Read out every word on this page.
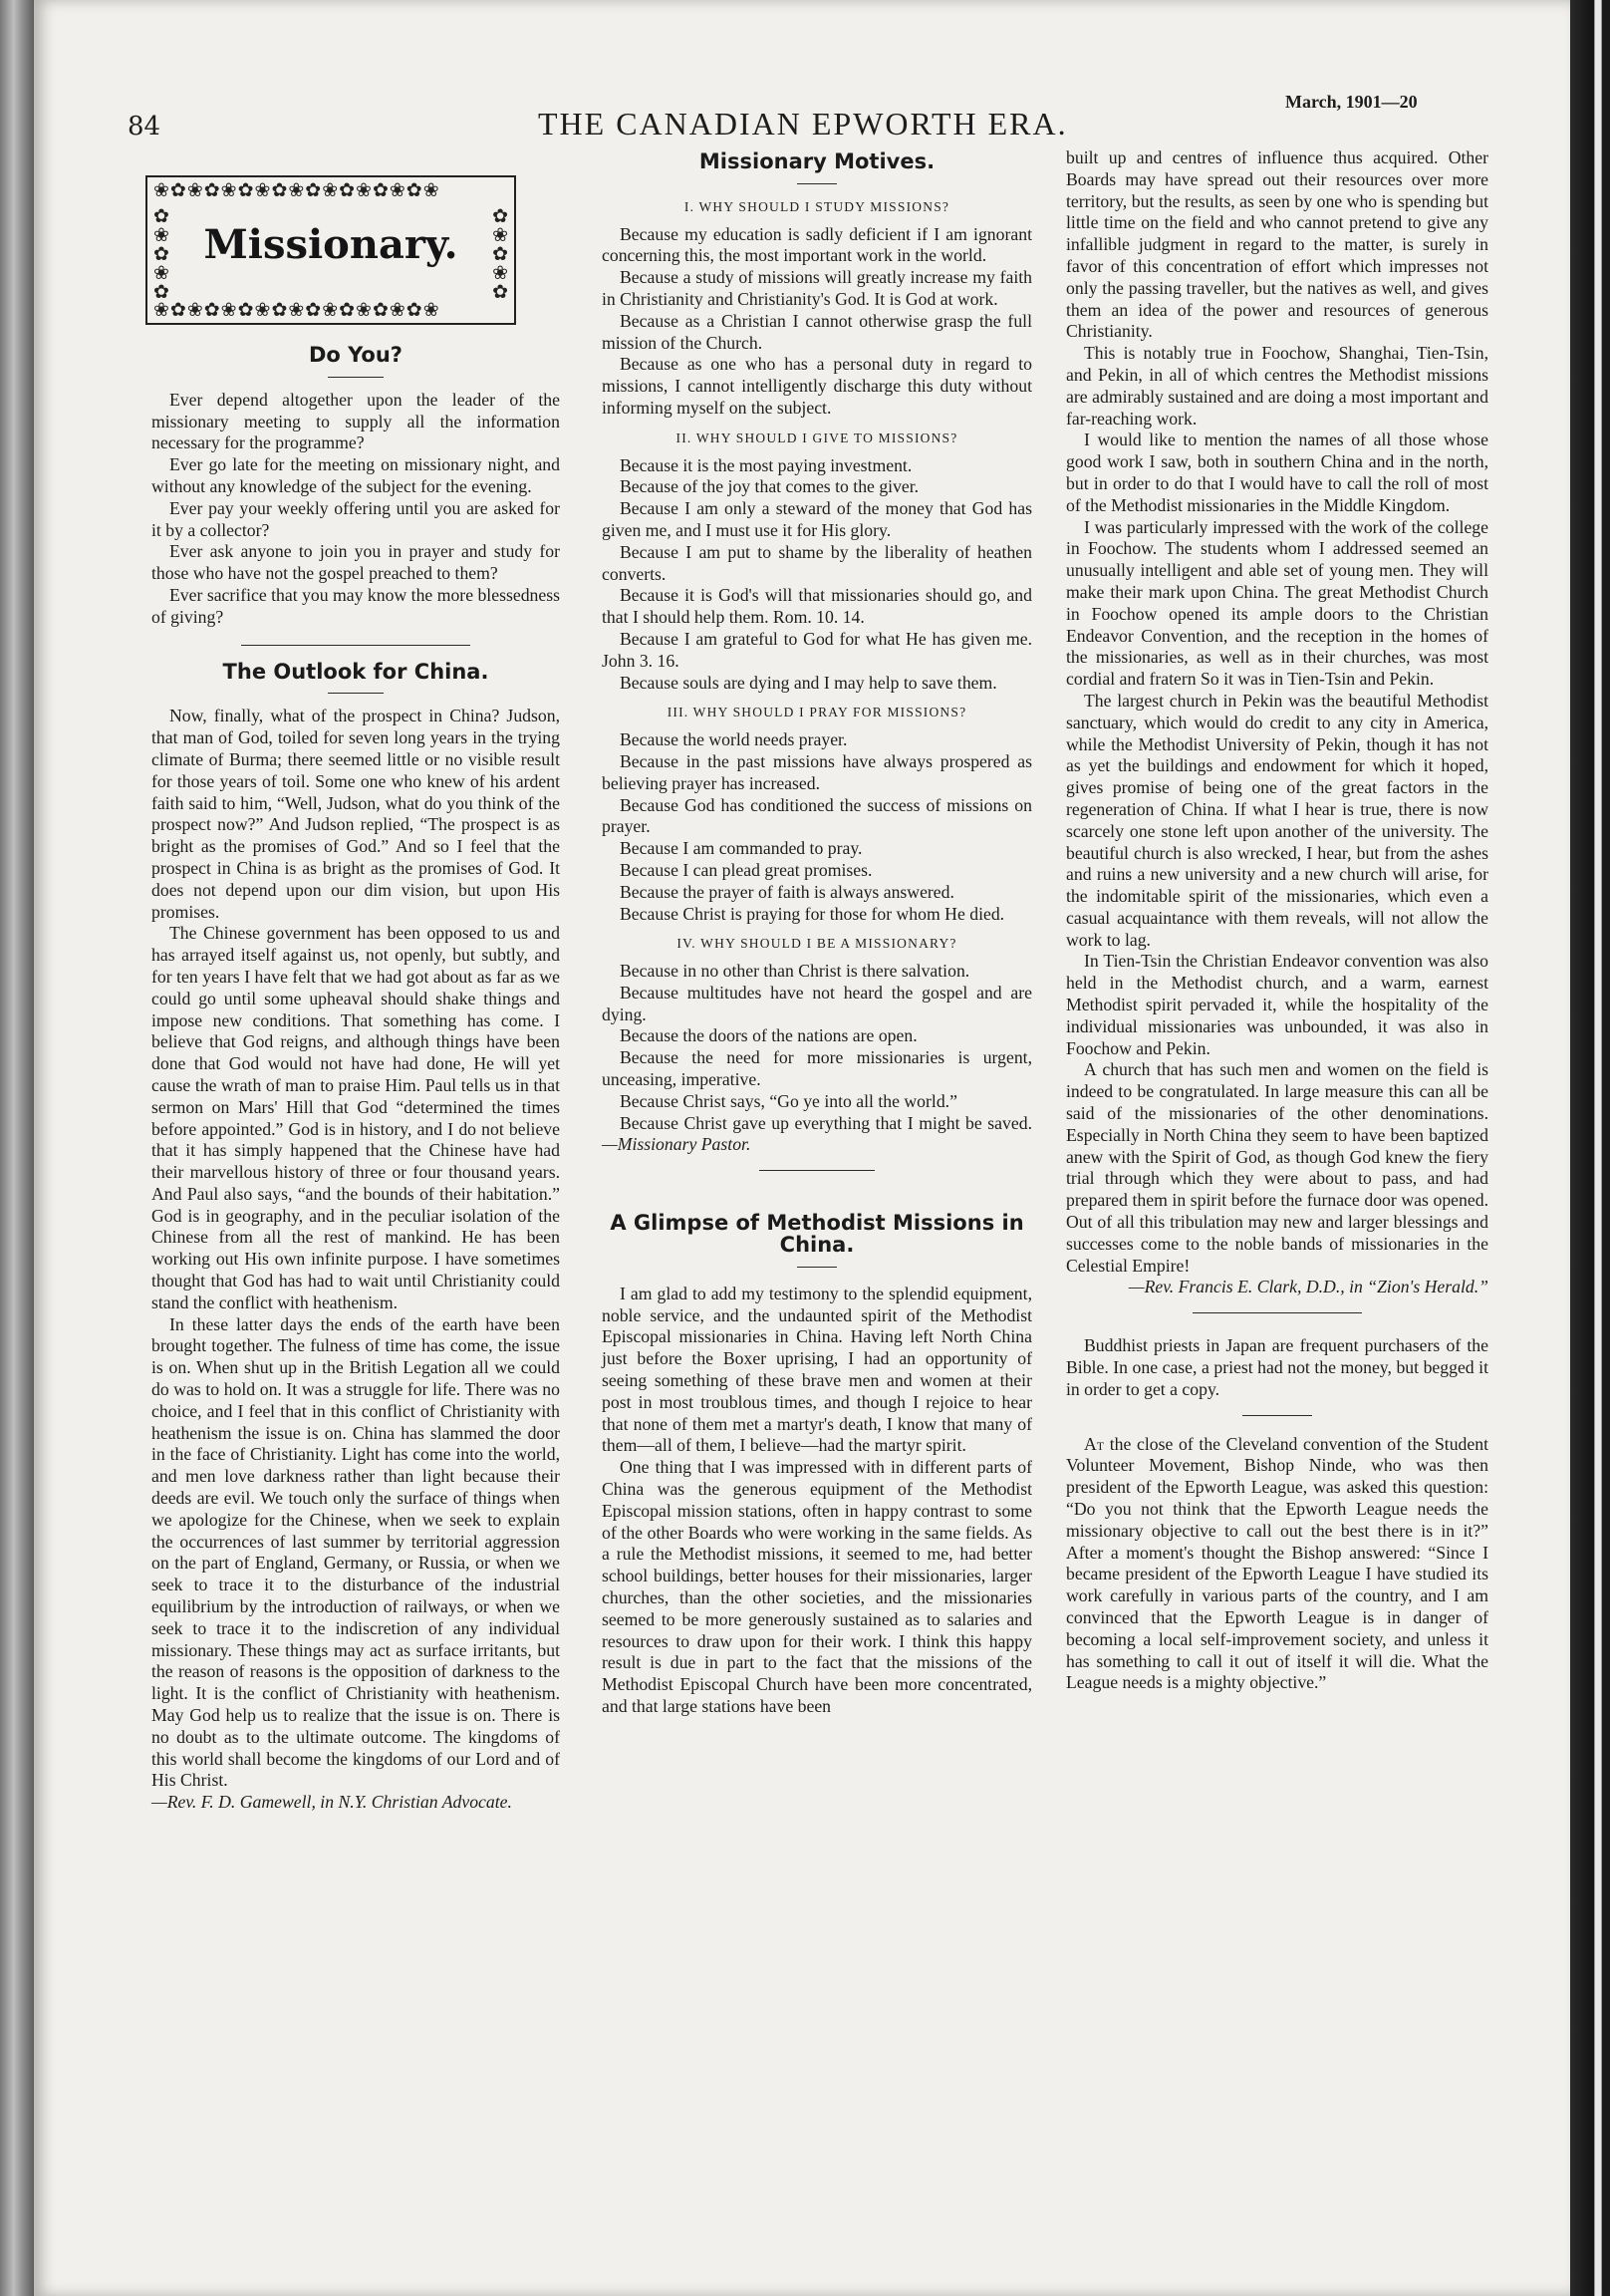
84	THE CANADIAN EPWORTH ERA.
March, 1901—20
❀✿❀✿❀✿❀✿❀✿❀✿❀✿❀✿❀
❀✿❀✿❀✿❀✿❀✿❀✿❀✿❀✿❀
✿
❀
✿
❀
✿
✿
❀
✿
❀
✿
Missionary.
Do You?

Ever depend altogether upon the leader of the missionary meeting to supply all the information necessary for the programme?

Ever go late for the meeting on missionary night, and without any knowledge of the subject for the evening.

Ever pay your weekly offering until you are asked for it by a collector?

Ever ask anyone to join you in prayer and study for those who have not the gospel preached to them?

Ever sacrifice that you may know the more blessedness of giving?

The Outlook for China.

Now, finally, what of the prospect in China? Judson, that man of God, toiled for seven long years in the trying climate of Burma; there seemed little or no visible result for those years of toil. Some one who knew of his ardent faith said to him, “Well, Judson, what do you think of the prospect now?” And Judson replied, “The prospect is as bright as the promises of God.” And so I feel that the prospect in China is as bright as the promises of God. It does not depend upon our dim vision, but upon His promises.

The Chinese government has been opposed to us and has arrayed itself against us, not openly, but subtly, and for ten years I have felt that we had got about as far as we could go until some upheaval should shake things and impose new conditions. That something has come. I believe that God reigns, and although things have been done that God would not have had done, He will yet cause the wrath of man to praise Him. Paul tells us in that sermon on Mars' Hill that God “determined the times before appointed.” God is in history, and I do not believe that it has simply happened that the Chinese have had their marvellous history of three or four thousand years. And Paul also says, “and the bounds of their habitation.” God is in geography, and in the peculiar isolation of the Chinese from all the rest of mankind. He has been working out His own infinite purpose. I have sometimes thought that God has had to wait until Christianity could stand the conflict with heathenism.

In these latter days the ends of the earth have been brought together. The fulness of time has come, the issue is on. When shut up in the British Legation all we could do was to hold on. It was a struggle for life. There was no choice, and I feel that in this conflict of Christianity with heathenism the issue is on. China has slammed the door in the face of Christianity. Light has come into the world, and men love darkness rather than light because their deeds are evil. We touch only the surface of things when we apologize for the Chinese, when we seek to explain the occurrences of last summer by territorial aggression on the part of England, Germany, or Russia, or when we seek to trace it to the disturbance of the industrial equilibrium by the introduction of railways, or when we seek to trace it to the indiscretion of any individual missionary. These things may act as surface irritants, but the reason of reasons is the opposition of darkness to the light. It is the conflict of Christianity with heathenism. May God help us to realize that the issue is on. There is no doubt as to the ultimate outcome. The kingdoms of this world shall become the kingdoms of our Lord and of His Christ.

—Rev. F. D. Gamewell, in N.Y. Christian Advocate.

Missionary Motives.

I. WHY SHOULD I STUDY MISSIONS?

Because my education is sadly deficient if I am ignorant concerning this, the most important work in the world.

Because a study of missions will greatly increase my faith in Christianity and Christianity's God. It is God at work.

Because as a Christian I cannot otherwise grasp the full mission of the Church.

Because as one who has a personal duty in regard to missions, I cannot intelligently discharge this duty without informing myself on the subject.

II. WHY SHOULD I GIVE TO MISSIONS?

Because it is the most paying investment.

Because of the joy that comes to the giver.

Because I am only a steward of the money that God has given me, and I must use it for His glory.

Because I am put to shame by the liberality of heathen converts.

Because it is God's will that missionaries should go, and that I should help them. Rom. 10. 14.

Because I am grateful to God for what He has given me. John 3. 16.

Because souls are dying and I may help to save them.

III. WHY SHOULD I PRAY FOR MISSIONS?

Because the world needs prayer.

Because in the past missions have always prospered as believing prayer has increased.

Because God has conditioned the success of missions on prayer.

Because I am commanded to pray.

Because I can plead great promises.

Because the prayer of faith is always answered.

Because Christ is praying for those for whom He died.

IV. WHY SHOULD I BE A MISSIONARY?

Because in no other than Christ is there salvation.

Because multitudes have not heard the gospel and are dying.

Because the doors of the nations are open.

Because the need for more missionaries is urgent, unceasing, imperative.

Because Christ says, “Go ye into all the world.”

Because Christ gave up everything that I might be saved.—Missionary Pastor.

A Glimpse of Methodist Missions in
China.

I am glad to add my testimony to the splendid equipment, noble service, and the undaunted spirit of the Methodist Episcopal missionaries in China. Having left North China just before the Boxer uprising, I had an opportunity of seeing something of these brave men and women at their post in most troublous times, and though I rejoice to hear that none of them met a martyr's death, I know that many of them—all of them, I believe—had the martyr spirit.

One thing that I was impressed with in different parts of China was the generous equipment of the Methodist Episcopal mission stations, often in happy contrast to some of the other Boards who were working in the same fields. As a rule the Methodist missions, it seemed to me, had better school buildings, better houses for their missionaries, larger churches, than the other societies, and the missionaries seemed to be more generously sustained as to salaries and resources to draw upon for their work. I think this happy result is due in part to the fact that the missions of the Methodist Episcopal Church have been more concentrated, and that large stations have been

built up and centres of influence thus acquired. Other Boards may have spread out their resources over more territory, but the results, as seen by one who is spending but little time on the field and who cannot pretend to give any infallible judgment in regard to the matter, is surely in favor of this concentration of effort which impresses not only the passing traveller, but the natives as well, and gives them an idea of the power and resources of generous Christianity.

This is notably true in Foochow, Shanghai, Tien-Tsin, and Pekin, in all of which centres the Methodist missions are admirably sustained and are doing a most important and far-reaching work.

I would like to mention the names of all those whose good work I saw, both in southern China and in the north, but in order to do that I would have to call the roll of most of the Methodist missionaries in the Middle Kingdom.

I was particularly impressed with the work of the college in Foochow. The students whom I addressed seemed an unusually intelligent and able set of young men. They will make their mark upon China. The great Methodist Church in Foochow opened its ample doors to the Christian Endeavor Convention, and the reception in the homes of the missionaries, as well as in their churches, was most cordial and fratern So it was in Tien-Tsin and Pekin.

The largest church in Pekin was the beautiful Methodist sanctuary, which would do credit to any city in America, while the Methodist University of Pekin, though it has not as yet the buildings and endowment for which it hoped, gives promise of being one of the great factors in the regeneration of China. If what I hear is true, there is now scarcely one stone left upon another of the university. The beautiful church is also wrecked, I hear, but from the ashes and ruins a new university and a new church will arise, for the indomitable spirit of the missionaries, which even a casual acquaintance with them reveals, will not allow the work to lag.

In Tien-Tsin the Christian Endeavor convention was also held in the Methodist church, and a warm, earnest Methodist spirit pervaded it, while the hospitality of the individual missionaries was unbounded, it was also in Foochow and Pekin.

A church that has such men and women on the field is indeed to be congratulated. In large measure this can all be said of the missionaries of the other denominations. Especially in North China they seem to have been baptized anew with the Spirit of God, as though God knew the fiery trial through which they were about to pass, and had prepared them in spirit before the furnace door was opened. Out of all this tribulation may new and larger blessings and successes come to the noble bands of missionaries in the Celestial Empire!

—Rev. Francis E. Clark, D.D., in “Zion's Herald.”

Buddhist priests in Japan are frequent purchasers of the Bible. In one case, a priest had not the money, but begged it in order to get a copy.

At the close of the Cleveland convention of the Student Volunteer Movement, Bishop Ninde, who was then president of the Epworth League, was asked this question: “Do you not think that the Epworth League needs the missionary objective to call out the best there is in it?” After a moment's thought the Bishop answered: “Since I became president of the Epworth League I have studied its work carefully in various parts of the country, and I am convinced that the Epworth League is in danger of becoming a local self-improvement society, and unless it has something to call it out of itself it will die. What the League needs is a mighty objective.”
